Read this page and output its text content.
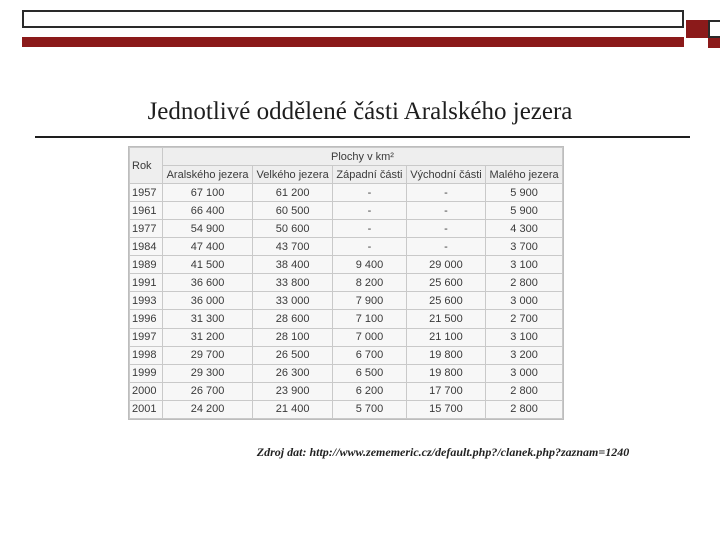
Jednotlivé oddělené části Aralského jezera
Rok	Plochy v km²				
	Aralského jezera	Velkého jezera	Západní části	Východní části	Malého jezera
1957	67 100	61 200	-	-	5 900
1961	66 400	60 500	-	-	5 900
1977	54 900	50 600	-	-	4 300
1984	47 400	43 700	-	-	3 700
1989	41 500	38 400	9 400	29 000	3 100
1991	36 600	33 800	8 200	25 600	2 800
1993	36 000	33 000	7 900	25 600	3 000
1996	31 300	28 600	7 100	21 500	2 700
1997	31 200	28 100	7 000	21 100	3 100
1998	29 700	26 500	6 700	19 800	3 200
1999	29 300	26 300	6 500	19 800	3 000
2000	26 700	23 900	6 200	17 700	2 800
2001	24 200	21 400	5 700	15 700	2 800
Zdroj dat: http://www.zememeric.cz/default.php?/clanek.php?zaznam=1240
